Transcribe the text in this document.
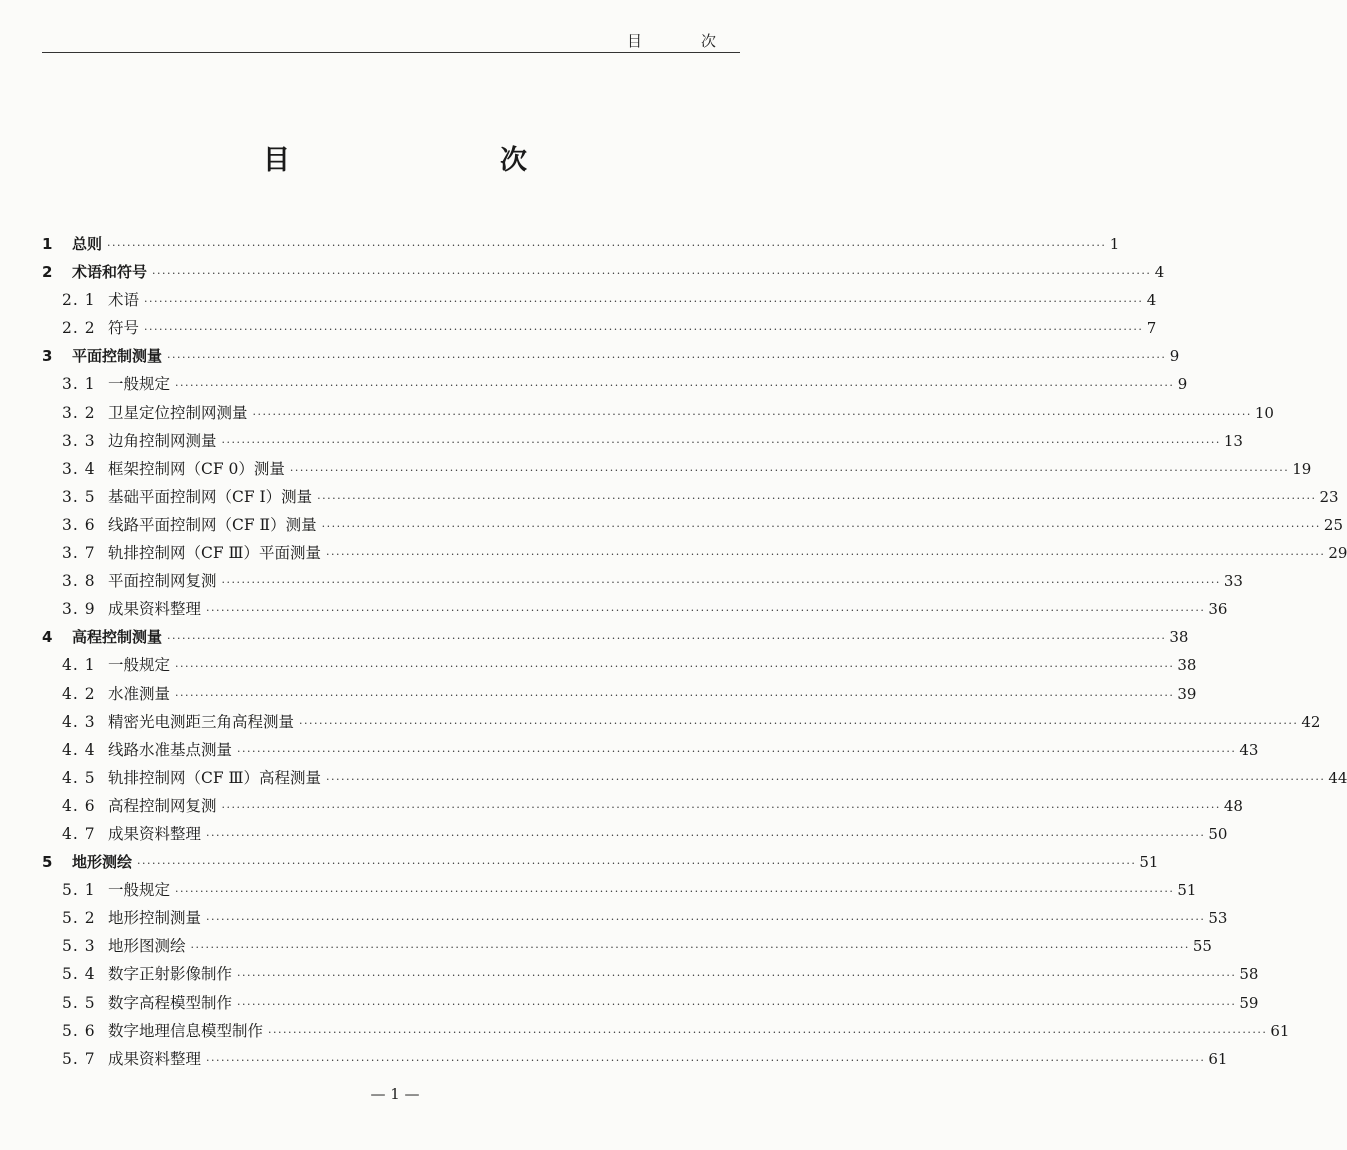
目　次
目　　次
1	总则 ········································································································································································································ 1
2	术语和符号 ········································································································································································································ 4
2. 1 术语 ········································································································································································································ 4
2. 2 符号 ········································································································································································································ 7
3	平面控制测量 ········································································································································································································ 9
3. 1 一般规定 ········································································································································································································ 9
3. 2 卫星定位控制网测量 ········································································································································································································ 10
3. 3 边角控制网测量 ········································································································································································································ 13
3. 4 框架控制网（CF 0）测量 ········································································································································································································ 19
3. 5 基础平面控制网（CF Ⅰ）测量 ········································································································································································································ 23
3. 6 线路平面控制网（CF Ⅱ）测量 ········································································································································································································ 25
3. 7 轨排控制网（CF Ⅲ）平面测量 ········································································································································································································ 29
3. 8 平面控制网复测 ········································································································································································································ 33
3. 9 成果资料整理 ········································································································································································································ 36
4	高程控制测量 ········································································································································································································ 38
4. 1 一般规定 ········································································································································································································ 38
4. 2 水准测量 ········································································································································································································ 39
4. 3 精密光电测距三角高程测量 ········································································································································································································ 42
4. 4 线路水准基点测量 ········································································································································································································ 43
4. 5 轨排控制网（CF Ⅲ）高程测量 ········································································································································································································ 44
4. 6 高程控制网复测 ········································································································································································································ 48
4. 7 成果资料整理 ········································································································································································································ 50
5	地形测绘 ········································································································································································································ 51
5. 1 一般规定 ········································································································································································································ 51
5. 2 地形控制测量 ········································································································································································································ 53
5. 3 地形图测绘 ········································································································································································································ 55
5. 4 数字正射影像制作 ········································································································································································································ 58
5. 5 数字高程模型制作 ········································································································································································································ 59
5. 6 数字地理信息模型制作 ········································································································································································································ 61
5. 7 成果资料整理 ········································································································································································································ 61
— 1 —
